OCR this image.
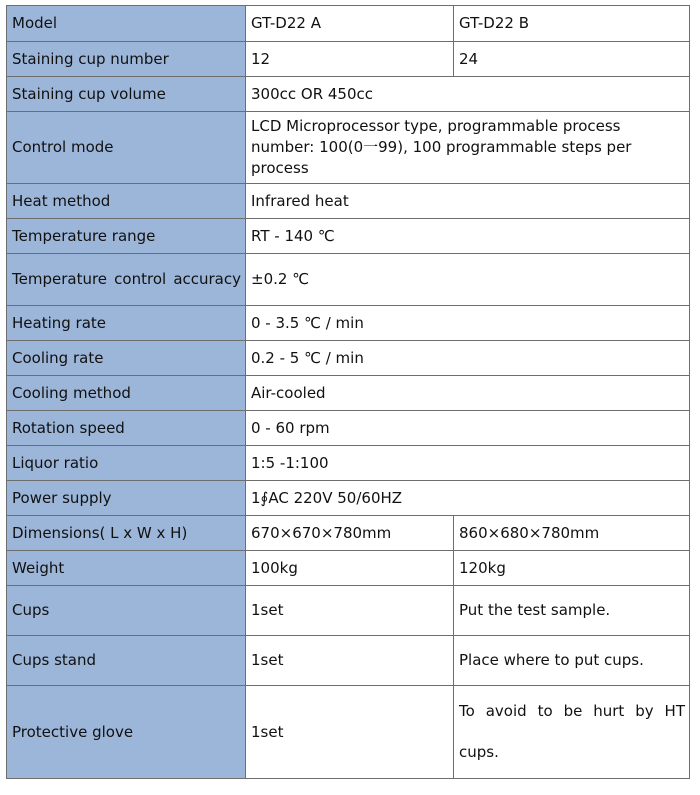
Model	GT-D22 A	GT-D22 B
Staining cup number	12	24
Staining cup volume	300cc OR 450cc	
Control mode	LCD Microprocessor type, programmable process number: 100(0一99), 100 programmable steps per process	
Heat method	Infrared heat	
Temperature range	RT - 140 ℃	
Temperature control accuracy	±0.2 ℃	
Heating rate	0 - 3.5 ℃ / min	
Cooling rate	0.2 - 5 ℃ / min	
Cooling method	Air-cooled	
Rotation speed	0 - 60 rpm	
Liquor ratio	1:5 -1:100	
Power supply	1∮AC 220V 50/60HZ	
Dimensions( L x W x H)	670×670×780mm	860×680×780mm
Weight	100kg	120kg
Cups	1set	Put the test sample.
Cups stand	1set	Place where to put cups.
Protective glove	1set	To avoid to be hurt by HT cups.
